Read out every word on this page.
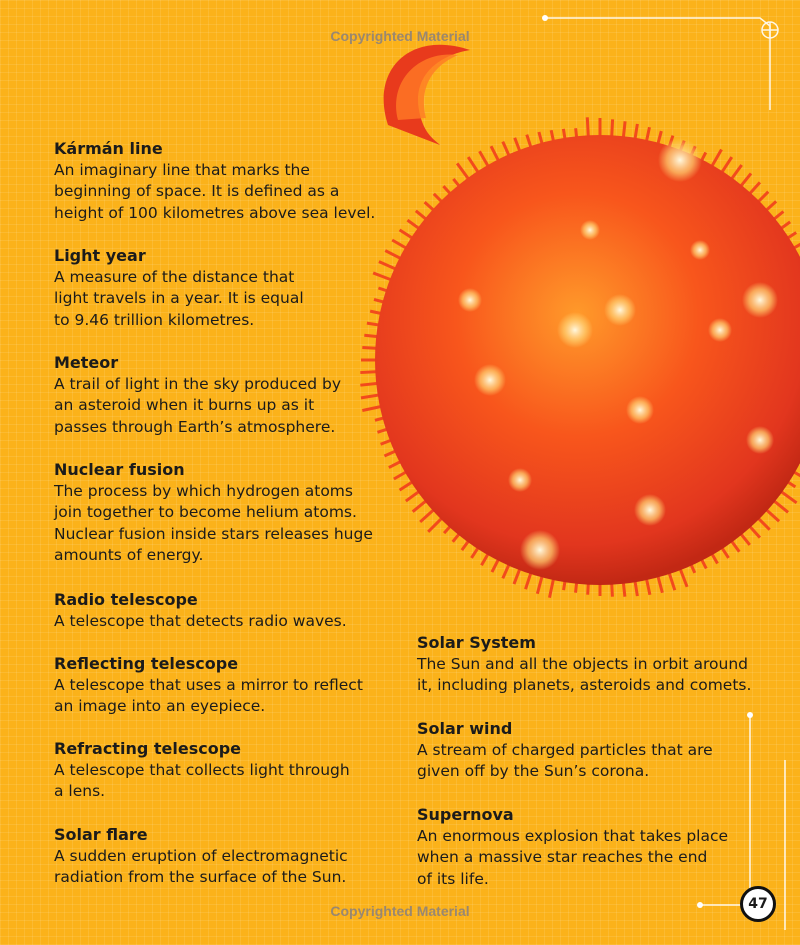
Kármán line
An imaginary line that marks the
beginning of space. It is defined as a
height of 100 kilometres above sea level.
Light year
A measure of the distance that
light travels in a year. It is equal
to 9.46 trillion kilometres.
Meteor
A trail of light in the sky produced by
an asteroid when it burns up as it
passes through Earth’s atmosphere.
Nuclear fusion
The process by which hydrogen atoms
join together to become helium atoms.
Nuclear fusion inside stars releases huge
amounts of energy.
Radio telescope
A telescope that detects radio waves.
Reflecting telescope
A telescope that uses a mirror to reflect
an image into an eyepiece.
Refracting telescope
A telescope that collects light through
a lens.
Solar flare
A sudden eruption of electromagnetic
radiation from the surface of the Sun.
Solar System
The Sun and all the objects in orbit around
it, including planets, asteroids and comets.
Solar wind
A stream of charged particles that are
given off by the Sun’s corona.
Supernova
An enormous explosion that takes place
when a massive star reaches the end
of its life.
Copyrighted Material
Copyrighted Material	47
